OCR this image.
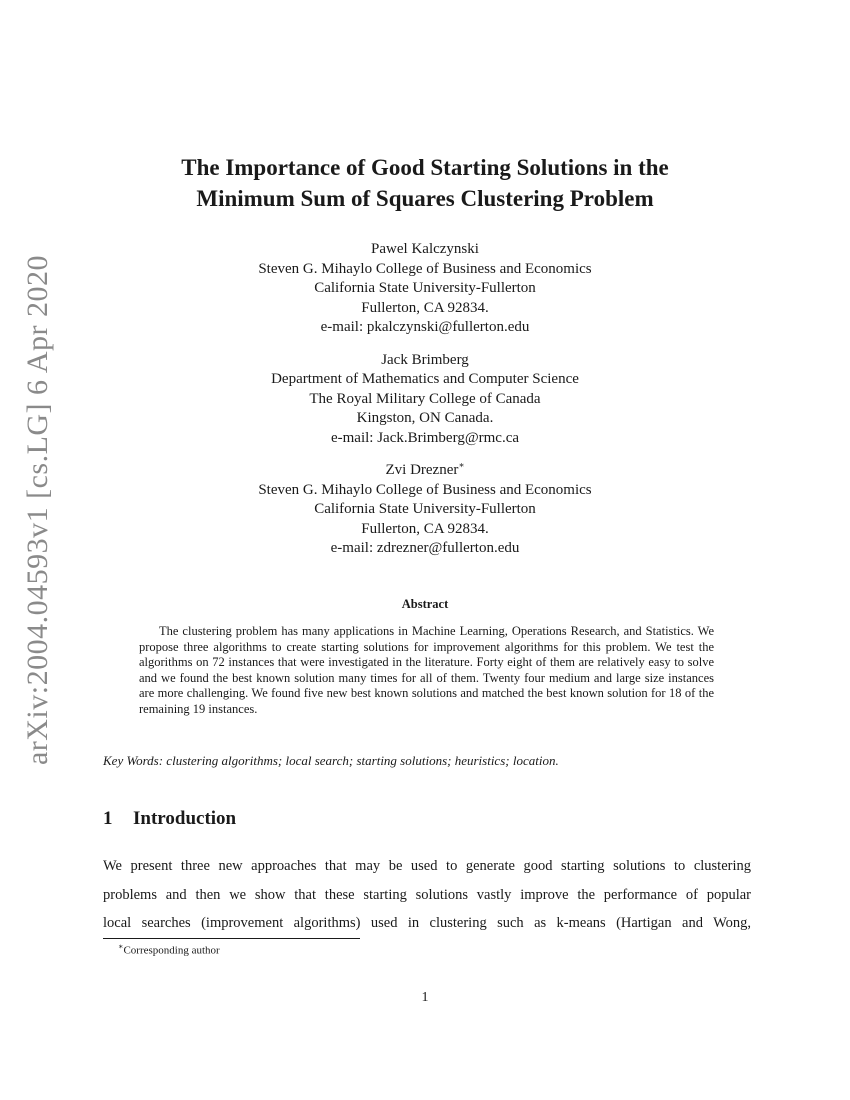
arXiv:2004.04593v1 [cs.LG] 6 Apr 2020
The Importance of Good Starting Solutions in the
Minimum Sum of Squares Clustering Problem
Pawel Kalczynski
Steven G. Mihaylo College of Business and Economics
California State University-Fullerton
Fullerton, CA 92834.
e-mail: pkalczynski@fullerton.edu
Jack Brimberg
Department of Mathematics and Computer Science
The Royal Military College of Canada
Kingston, ON Canada.
e-mail: Jack.Brimberg@rmc.ca
Zvi Drezner∗
Steven G. Mihaylo College of Business and Economics
California State University-Fullerton
Fullerton, CA 92834.
e-mail: zdrezner@fullerton.edu
Abstract
The clustering problem has many applications in Machine Learning, Operations Research, and Statistics. We propose three algorithms to create starting solutions for improvement algorithms for this problem. We test the algorithms on 72 instances that were investigated in the literature. Forty eight of them are relatively easy to solve and we found the best known solution many times for all of them. Twenty four medium and large size instances are more challenging. We found five new best known solutions and matched the best known solution for 18 of the remaining 19 instances.
Key Words: clustering algorithms; local search; starting solutions; heuristics; location.
1 Introduction
We present three new approaches that may be used to generate good starting solutions to clustering
problems and then we show that these starting solutions vastly improve the performance of popular
local searches (improvement algorithms) used in clustering such as k-means (Hartigan and Wong,
∗Corresponding author
1
